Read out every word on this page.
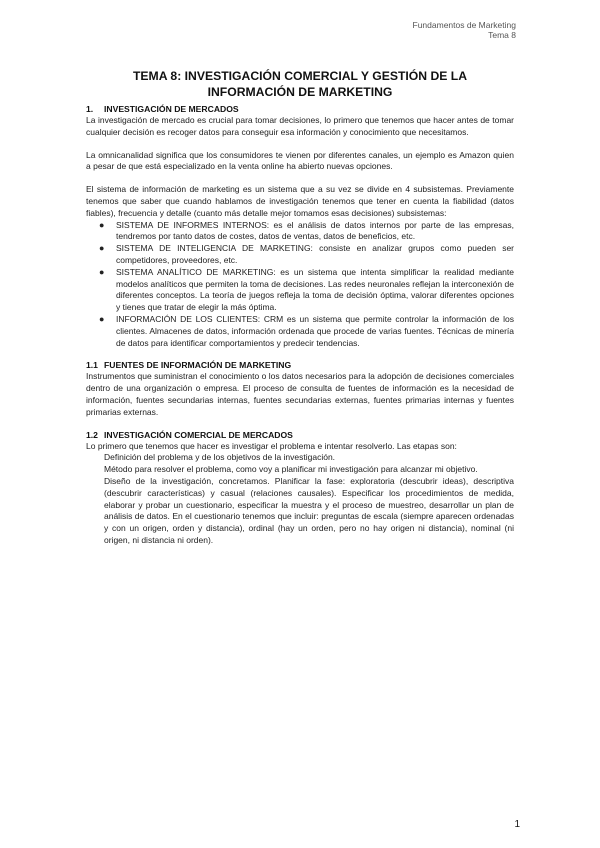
Fundamentos de Marketing
Tema 8
TEMA 8: INVESTIGACIÓN COMERCIAL Y GESTIÓN DE LA
INFORMACIÓN DE MARKETING
1. INVESTIGACIÓN DE MERCADOS

La investigación de mercado es crucial para tomar decisiones, lo primero que tenemos que hacer antes de tomar cualquier decisión es recoger datos para conseguir esa información y conocimiento que necesitamos.

La omnicanalidad significa que los consumidores te vienen por diferentes canales, un ejemplo es Amazon quien a pesar de que está especializado en la venta online ha abierto nuevas opciones.

El sistema de información de marketing es un sistema que a su vez se divide en 4 subsistemas. Previamente tenemos que saber que cuando hablamos de investigación tenemos que tener en cuenta la fiabilidad (datos fiables), frecuencia y detalle (cuanto más detalle mejor tomamos esas decisiones) subsistemas:

● SISTEMA DE INFORMES INTERNOS: es el análisis de datos internos por parte de las empresas, tendremos por tanto datos de costes, datos de ventas, datos de beneficios, etc.
● SISTEMA DE INTELIGENCIA DE MARKETING: consiste en analizar grupos como pueden ser competidores, proveedores, etc.
● SISTEMA ANALÍTICO DE MARKETING: es un sistema que intenta simplificar la realidad mediante modelos analíticos que permiten la toma de decisiones. Las redes neuronales reflejan la interconexión de diferentes conceptos. La teoría de juegos refleja la toma de decisión óptima, valorar diferentes opciones y tienes que tratar de elegir la más óptima.
● INFORMACIÓN DE LOS CLIENTES: CRM es un sistema que permite controlar la información de los clientes. Almacenes de datos, información ordenada que procede de varias fuentes. Técnicas de minería de datos para identificar comportamientos y predecir tendencias.
1.1 FUENTES DE INFORMACIÓN DE MARKETING

Instrumentos que suministran el conocimiento o los datos necesarios para la adopción de decisiones comerciales dentro de una organización o empresa. El proceso de consulta de fuentes de información es la necesidad de información, fuentes secundarias internas, fuentes secundarias externas, fuentes primarias internas y fuentes primarias externas.

1.2 INVESTIGACIÓN COMERCIAL DE MERCADOS

Lo primero que tenemos que hacer es investigar el problema e intentar resolverlo. Las etapas son:

Definición del problema y de los objetivos de la investigación.

Método para resolver el problema, como voy a planificar mi investigación para alcanzar mi objetivo.

Diseño de la investigación, concretamos. Planificar la fase: exploratoria (descubrir ideas), descriptiva (descubrir características) y casual (relaciones causales). Especificar los procedimientos de medida, elaborar y probar un cuestionario, especificar la muestra y el proceso de muestreo, desarrollar un plan de análisis de datos. En el cuestionario tenemos que incluir: preguntas de escala (siempre aparecen ordenadas y con un origen, orden y distancia), ordinal (hay un orden, pero no hay origen ni distancia), nominal (ni origen, ni distancia ni orden).

1
